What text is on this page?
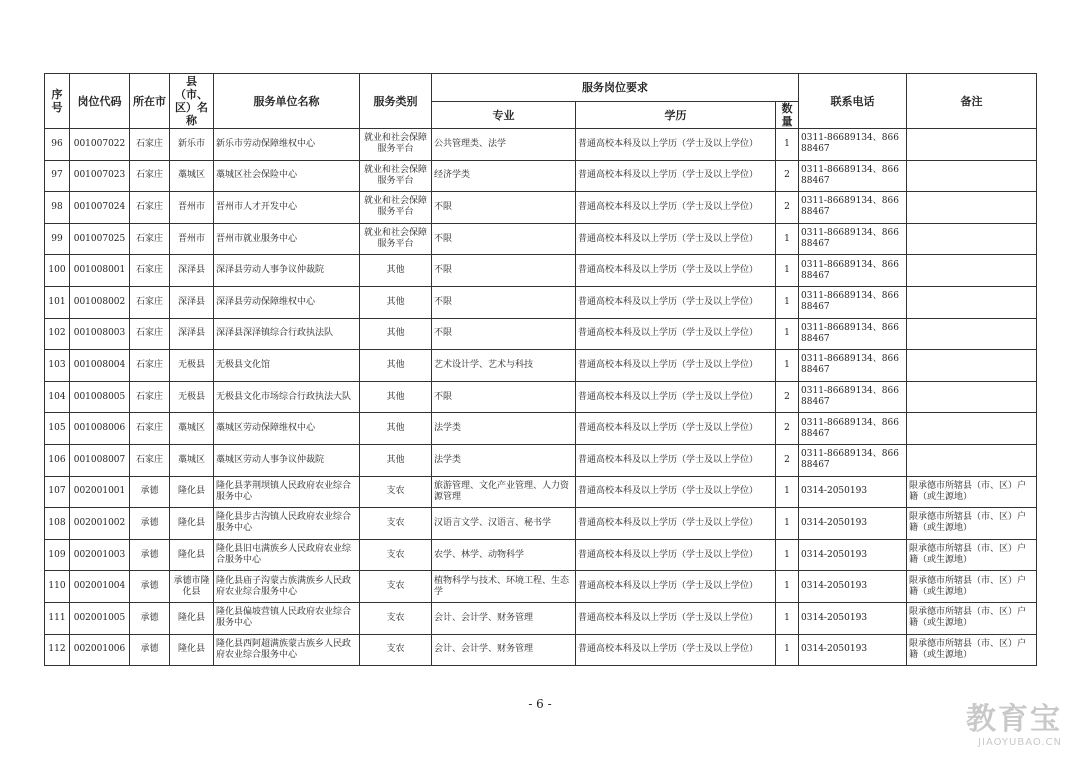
序号	岗位代码	所在市	县（市、区）名称	服务单位名称	服务类别	服务岗位要求			联系电话	备注
						专业	学历	数量		
96	001007022	石家庄	新乐市	新乐市劳动保障维权中心	就业和社会保障服务平台	公共管理类、法学	普通高校本科及以上学历（学士及以上学位）	1	0311-86689134、86688467	
97	001007023	石家庄	藁城区	藁城区社会保险中心	就业和社会保障服务平台	经济学类	普通高校本科及以上学历（学士及以上学位）	2	0311-86689134、86688467	
98	001007024	石家庄	晋州市	晋州市人才开发中心	就业和社会保障服务平台	不限	普通高校本科及以上学历（学士及以上学位）	2	0311-86689134、86688467	
99	001007025	石家庄	晋州市	晋州市就业服务中心	就业和社会保障服务平台	不限	普通高校本科及以上学历（学士及以上学位）	1	0311-86689134、86688467	
100	001008001	石家庄	深泽县	深泽县劳动人事争议仲裁院	其他	不限	普通高校本科及以上学历（学士及以上学位）	1	0311-86689134、86688467	
101	001008002	石家庄	深泽县	深泽县劳动保障维权中心	其他	不限	普通高校本科及以上学历（学士及以上学位）	1	0311-86689134、86688467	
102	001008003	石家庄	深泽县	深泽县深泽镇综合行政执法队	其他	不限	普通高校本科及以上学历（学士及以上学位）	1	0311-86689134、86688467	
103	001008004	石家庄	无极县	无极县文化馆	其他	艺术设计学、艺术与科技	普通高校本科及以上学历（学士及以上学位）	1	0311-86689134、86688467	
104	001008005	石家庄	无极县	无极县文化市场综合行政执法大队	其他	不限	普通高校本科及以上学历（学士及以上学位）	2	0311-86689134、86688467	
105	001008006	石家庄	藁城区	藁城区劳动保障维权中心	其他	法学类	普通高校本科及以上学历（学士及以上学位）	2	0311-86689134、86688467	
106	001008007	石家庄	藁城区	藁城区劳动人事争议仲裁院	其他	法学类	普通高校本科及以上学历（学士及以上学位）	2	0311-86689134、86688467	
107	002001001	承德	隆化县	隆化县茅荆坝镇人民政府农业综合服务中心	支农	旅游管理、文化产业管理、人力资源管理	普通高校本科及以上学历（学士及以上学位）	1	0314-2050193	限承德市所辖县（市、区）户籍（或生源地）
108	002001002	承德	隆化县	隆化县步古沟镇人民政府农业综合服务中心	支农	汉语言文学、汉语言、秘书学	普通高校本科及以上学历（学士及以上学位）	1	0314-2050193	限承德市所辖县（市、区）户籍（或生源地）
109	002001003	承德	隆化县	隆化县旧屯满族乡人民政府农业综合服务中心	支农	农学、林学、动物科学	普通高校本科及以上学历（学士及以上学位）	1	0314-2050193	限承德市所辖县（市、区）户籍（或生源地）
110	002001004	承德	承德市隆化县	隆化县庙子沟蒙古族满族乡人民政府农业综合服务中心	支农	植物科学与技术、环境工程、生态学	普通高校本科及以上学历（学士及以上学位）	1	0314-2050193	限承德市所辖县（市、区）户籍（或生源地）
111	002001005	承德	隆化县	隆化县偏坡营镇人民政府农业综合服务中心	支农	会计、会计学、财务管理	普通高校本科及以上学历（学士及以上学位）	1	0314-2050193	限承德市所辖县（市、区）户籍（或生源地）
112	002001006	承德	隆化县	隆化县西阿超满族蒙古族乡人民政府农业综合服务中心	支农	会计、会计学、财务管理	普通高校本科及以上学历（学士及以上学位）	1	0314-2050193	限承德市所辖县（市、区）户籍（或生源地）
- 6 -	教育宝
JIAOYUBAO.CN
